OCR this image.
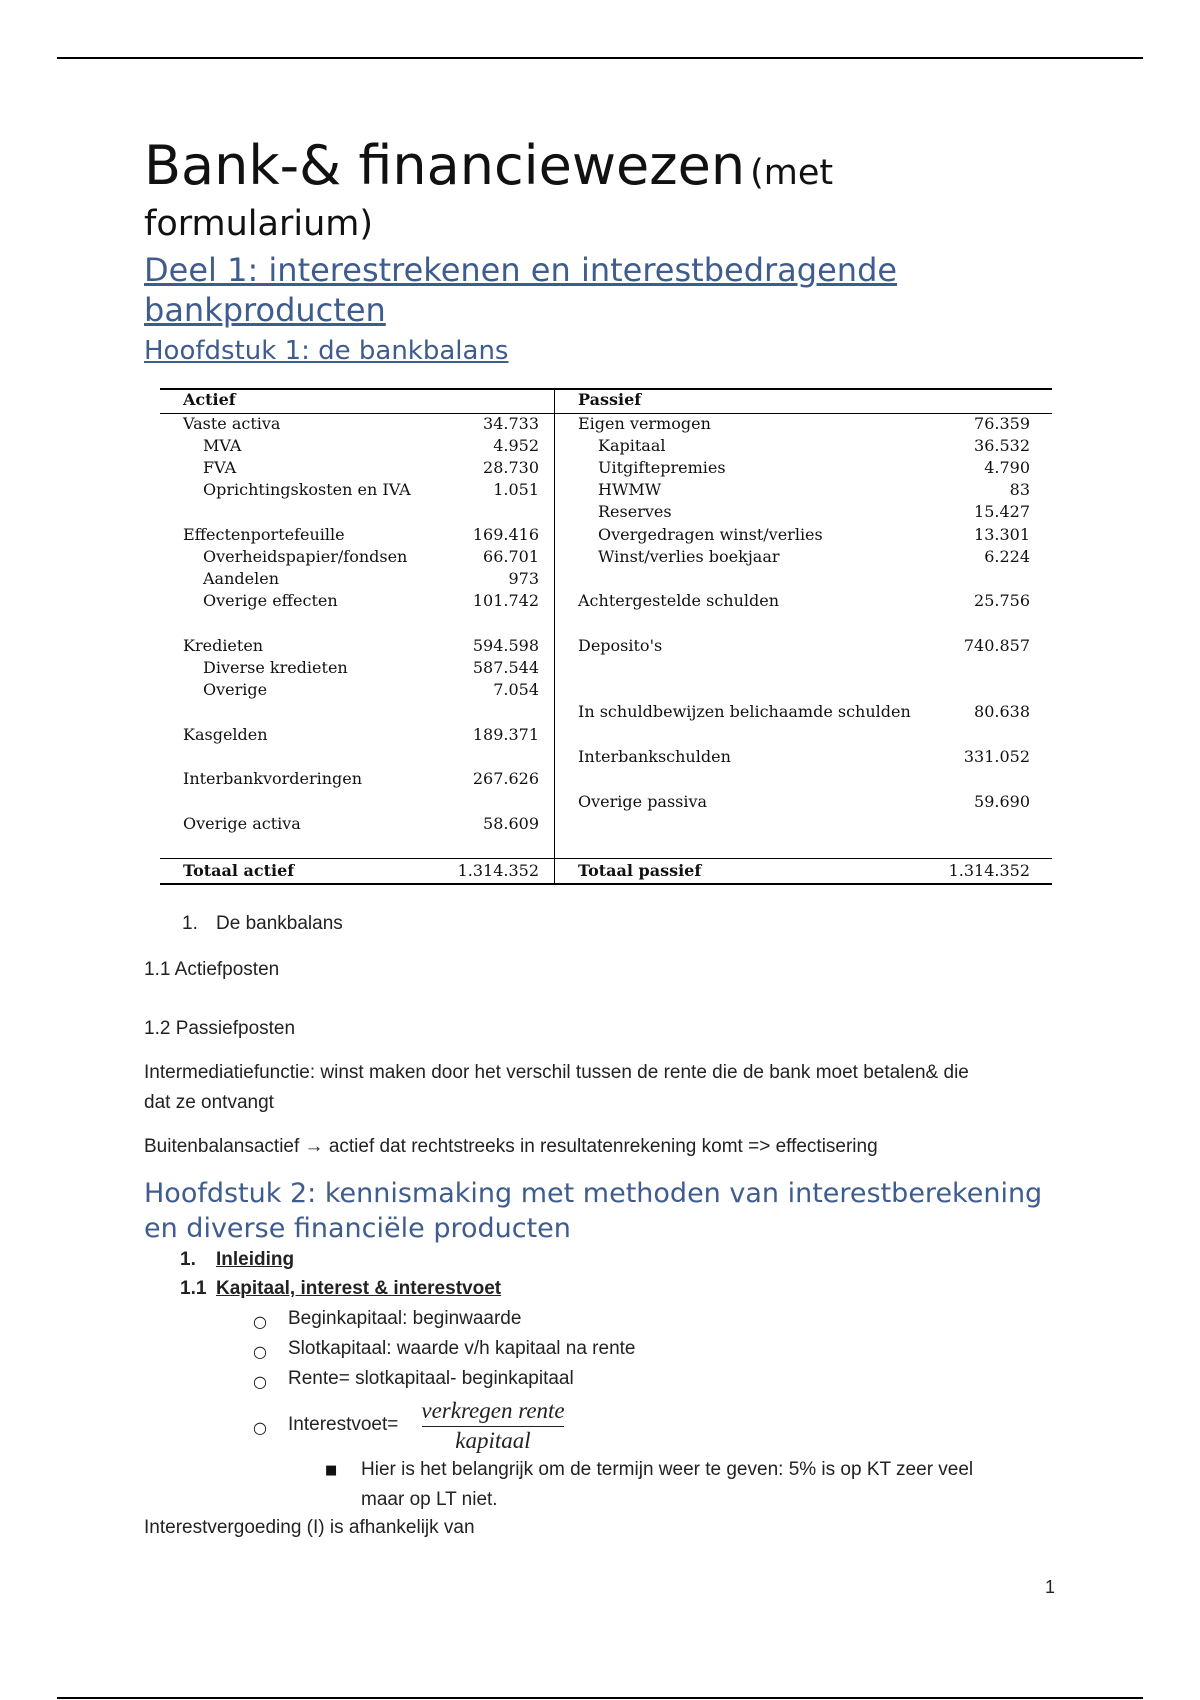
Bank-& financiewezen (met
formularium)
Deel 1: interestrekenen en interestbedragende
bankproducten
Hoofdstuk 1: de bankbalans
Actief
Vaste activa	34.733
MVA	4.952
FVA	28.730
Oprichtingskosten en IVA	1.051
Effectenportefeuille	169.416
Overheidspapier/fondsen	66.701
Aandelen	973
Overige effecten	101.742
Kredieten	594.598
Diverse kredieten	587.544
Overige	7.054
Kasgelden	189.371
Interbankvorderingen	267.626
Overige activa	58.609
Totaal actief	1.314.352
Passief
Eigen vermogen	76.359
Kapitaal	36.532
Uitgiftepremies	4.790
HWMW	83
Reserves	15.427
Overgedragen winst/verlies	13.301
Winst/verlies boekjaar	6.224
Achtergestelde schulden	25.756
Deposito's	740.857
In schuldbewijzen belichaamde schulden	80.638
Interbankschulden	331.052
Overige passiva	59.690
Totaal passief	1.314.352
1. De bankbalans
1.1 Actiefposten
1.2 Passiefposten
Intermediatiefunctie: winst maken door het verschil tussen de rente die de bank moet betalen& die
dat ze ontvangt
Buitenbalansactief → actief dat rechtstreeks in resultatenrekening komt => effectisering
Hoofdstuk 2: kennismaking met methoden van interestberekening
en diverse financiële producten
1. Inleiding
1.1 Kapitaal, interest & interestvoet
○ Beginkapitaal: beginwaarde
○ Slotkapitaal: waarde v/h kapitaal na rente
○ Rente= slotkapitaal- beginkapitaal
○ Interestvoet=
verkregen rente
kapitaal
■ Hier is het belangrijk om de termijn weer te geven: 5% is op KT zeer veel
maar op LT niet.
Interestvergoeding (I) is afhankelijk van
1
